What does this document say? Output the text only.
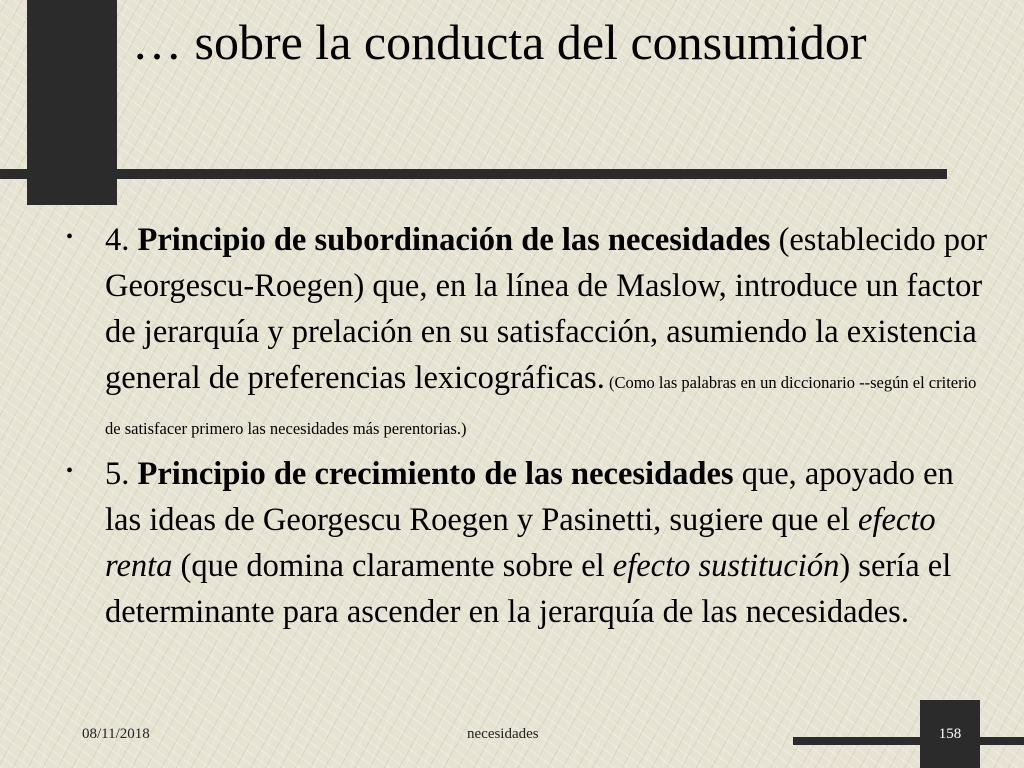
… sobre la conducta del consumidor
• 4. Principio de subordinación de las necesidades (establecido por Georgescu-Roegen) que, en la línea de Maslow, introduce un factor de jerarquía y prelación en su satisfacción, asumiendo la existencia general de preferencias lexicográficas. (Como las palabras en un diccionario --según el criterio de satisfacer primero las necesidades más perentorias.)
• 5. Principio de crecimiento de las necesidades que, apoyado en las ideas de Georgescu Roegen y Pasinetti, sugiere que el efecto renta (que domina claramente sobre el efecto sustitución) sería el determinante para ascender en la jerarquía de las necesidades.
08/11/2018	necesidades	158
